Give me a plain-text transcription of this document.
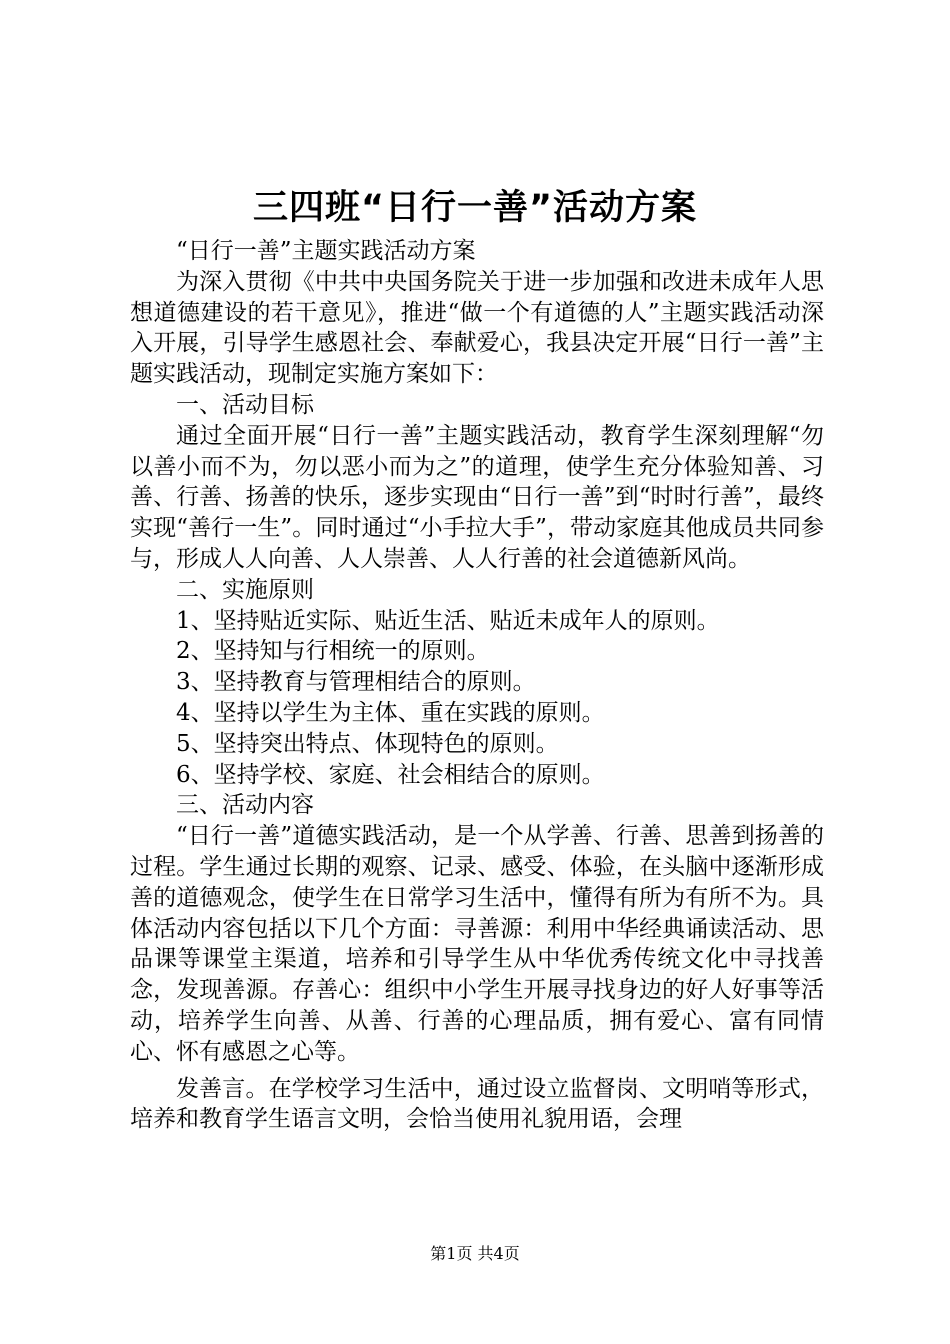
三四班“日行一善”活动方案

“日行一善”主题实践活动方案

为深入贯彻《中共中央国务院关于进一步加强和改进未成年人思想道德建设的若干意见》，推进“做一个有道德的人”主题实践活动深入开展，引导学生感恩社会、奉献爱心，我县决定开展“日行一善”主题实践活动，现制定实施方案如下：

一、活动目标

通过全面开展“日行一善”主题实践活动，教育学生深刻理解“勿以善小而不为，勿以恶小而为之”的道理，使学生充分体验知善、习善、行善、扬善的快乐，逐步实现由“日行一善”到“时时行善”，最终实现“善行一生”。同时通过“小手拉大手”，带动家庭其他成员共同参与，形成人人向善、人人崇善、人人行善的社会道德新风尚。

二、实施原则

1、坚持贴近实际、贴近生活、贴近未成年人的原则。

2、坚持知与行相统一的原则。

3、坚持教育与管理相结合的原则。

4、坚持以学生为主体、重在实践的原则。

5、坚持突出特点、体现特色的原则。

6、坚持学校、家庭、社会相结合的原则。

三、活动内容

“日行一善”道德实践活动，是一个从学善、行善、思善到扬善的过程。学生通过长期的观察、记录、感受、体验，在头脑中逐渐形成善的道德观念，使学生在日常学习生活中，懂得有所为有所不为。具体活动内容包括以下几个方面：寻善源：利用中华经典诵读活动、思品课等课堂主渠道，培养和引导学生从中华优秀传统文化中寻找善念，发现善源。存善心：组织中小学生开展寻找身边的好人好事等活动，培养学生向善、从善、行善的心理品质，拥有爱心、富有同情心、怀有感恩之心等。

发善言。在学校学习生活中，通过设立监督岗、文明哨等形式，培养和教育学生语言文明，会恰当使用礼貌用语，会理

第1页 共4页
